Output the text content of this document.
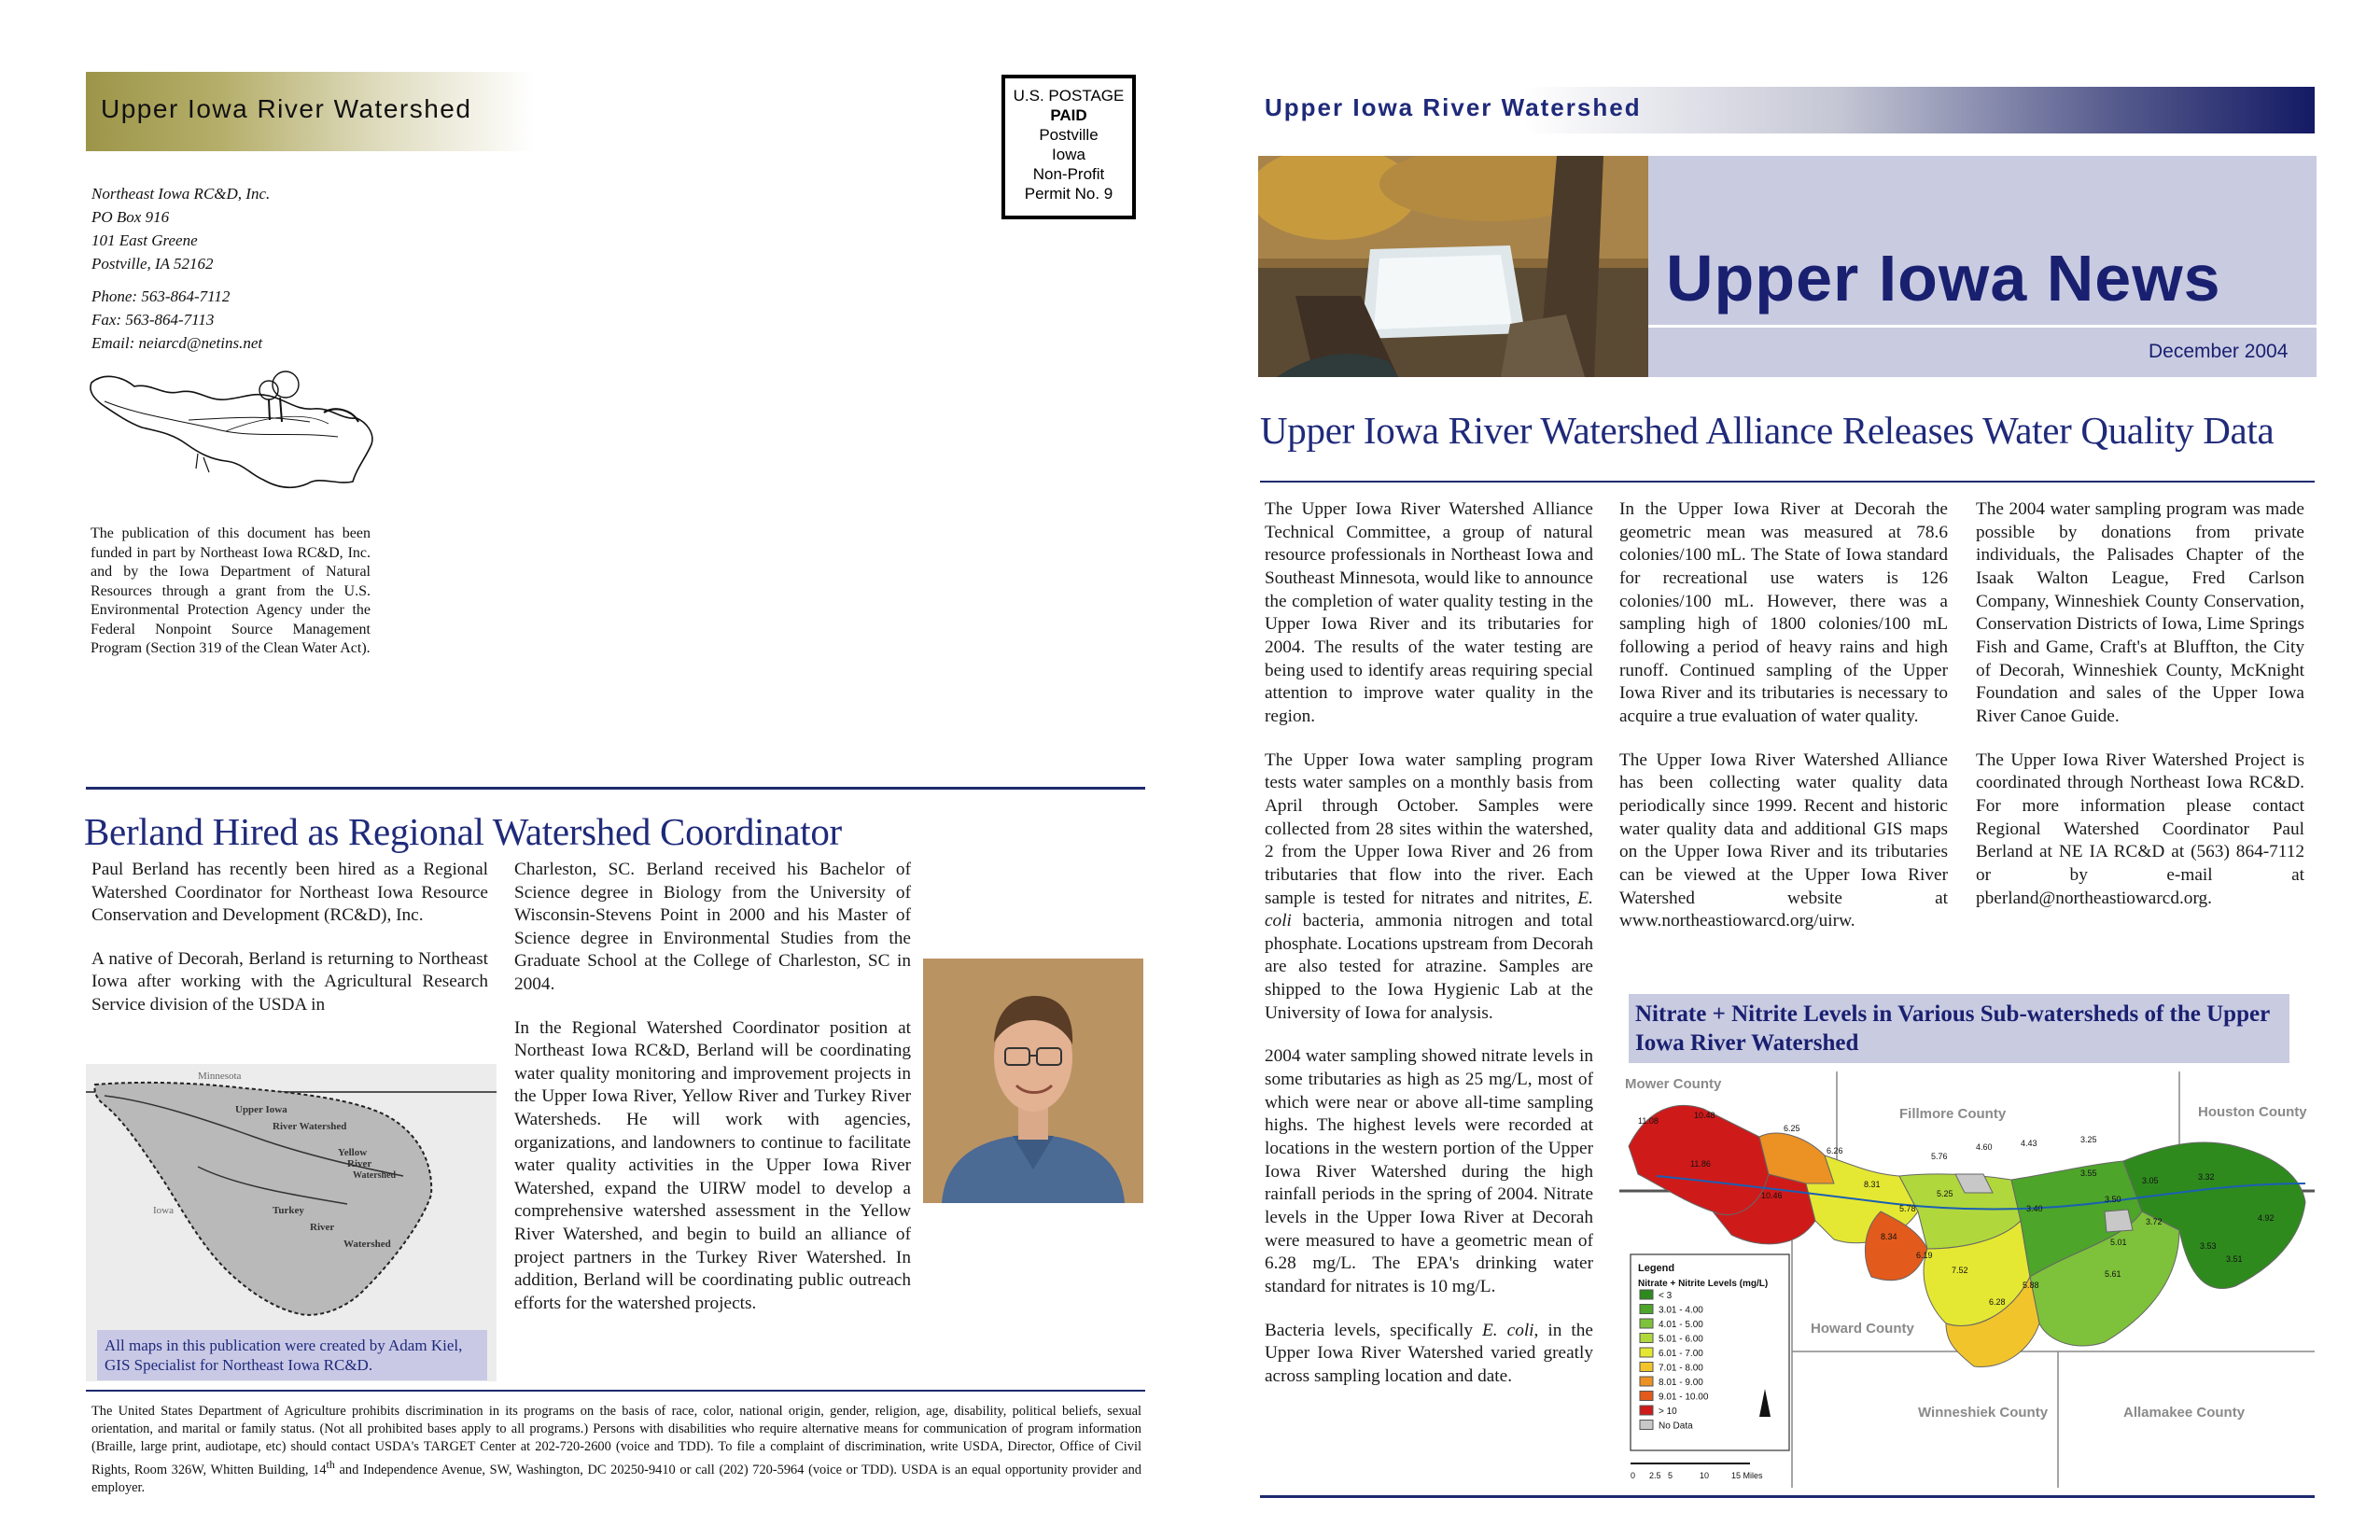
Upper Iowa River Watershed	U.S. POSTAGE
PAID
Postville
Iowa
Non-Profit
Permit No. 9
Northeast Iowa RC&D, Inc.
PO Box 916
101 East Greene
Postville, IA 52162
Phone: 563-864-7112
Fax: 563-864-7113
Email: neiarcd@netins.net
The publication of this document has been funded in part by Northeast Iowa RC&D, Inc. and by the Iowa Department of Natural Resources through a grant from the U.S. Environmental Protection Agency under the Federal Nonpoint Source Management Program (Section 319 of the Clean Water Act).
Berland Hired as Regional Watershed Coordinator

Paul Berland has recently been hired as a Regional Watershed Coordinator for Northeast Iowa Resource Conservation and Development (RC&D), Inc.

A native of Decorah, Berland is returning to Northeast Iowa after working with the Agricultural Research Service division of the USDA in

Charleston, SC. Berland received his Bachelor of Science degree in Biology from the University of Wisconsin-Stevens Point in 2000 and his Master of Science degree in Environmental Studies from the Graduate School at the College of Charleston, SC in 2004.

In the Regional Watershed Coordinator position at Northeast Iowa RC&D, Berland will be coordinating water quality monitoring and improvement projects in the Upper Iowa River, Yellow River and Turkey River Watersheds. He will work with agencies, organizations, and landowners to continue to facilitate water quality activities in the Upper Iowa River Watershed, expand the UIRW model to develop a comprehensive watershed assessment in the Yellow River Watershed, and begin to build an alliance of project partners in the Turkey River Watershed. In addition, Berland will be coordinating public outreach efforts for the watershed projects.

Minnesota
Iowa
Upper Iowa
River Watershed
Yellow
River
Watershed
Turkey
River
Watershed
All maps in this publication were created by Adam Kiel, GIS Specialist for Northeast Iowa RC&D.
The United States Department of Agriculture prohibits discrimination in its programs on the basis of race, color, national origin, gender, religion, age, disability, political beliefs, sexual orientation, and marital or family status. (Not all prohibited bases apply to all programs.) Persons with disabilities who require alternative means for communication of program information (Braille, large print, audiotape, etc) should contact USDA's TARGET Center at 202-720-2600 (voice and TDD). To file a complaint of discrimination, write USDA, Director, Office of Civil Rights, Room 326W, Whitten Building, 14th and Independence Avenue, SW, Washington, DC 20250-9410 or call (202) 720-5964 (voice or TDD). USDA is an equal opportunity provider and employer.
Upper Iowa River Watershed
Upper Iowa News
December 2004
Upper Iowa River Watershed Alliance Releases Water Quality Data

The Upper Iowa River Watershed Alliance Technical Committee, a group of natural resource professionals in Northeast Iowa and Southeast Minnesota, would like to announce the completion of water quality testing in the Upper Iowa River and its tributaries for 2004. The results of the water testing are being used to identify areas requiring special attention to improve water quality in the region.

The Upper Iowa water sampling program tests water samples on a monthly basis from April through October. Samples were collected from 28 sites within the watershed, 2 from the Upper Iowa River and 26 from tributaries that flow into the river. Each sample is tested for nitrates and nitrites, E. coli bacteria, ammonia nitrogen and total phosphate. Locations upstream from Decorah are also tested for atrazine. Samples are shipped to the Iowa Hygienic Lab at the University of Iowa for analysis.

2004 water sampling showed nitrate levels in some tributaries as high as 25 mg/L, most of which were near or above all-time sampling highs. The highest levels were recorded at locations in the western portion of the Upper Iowa River Watershed during the high rainfall periods in the spring of 2004. Nitrate levels in the Upper Iowa River at Decorah were measured to have a geometric mean of 6.28 mg/L. The EPA's drinking water standard for nitrates is 10 mg/L.

Bacteria levels, specifically E. coli, in the Upper Iowa River Watershed varied greatly across sampling location and date.

In the Upper Iowa River at Decorah the geometric mean was measured at 78.6 colonies/100 mL. The State of Iowa standard for recreational use waters is 126 colonies/100 mL. However, there was a sampling high of 1800 colonies/100 mL following a period of heavy rains and high runoff. Continued sampling of the Upper Iowa River and its tributaries is necessary to acquire a true evaluation of water quality.

The Upper Iowa River Watershed Alliance has been collecting water quality data periodically since 1999. Recent and historic water quality data and additional GIS maps on the Upper Iowa River and its tributaries can be viewed at the Upper Iowa River Watershed website at www.northeastiowarcd.org/uirw.

The 2004 water sampling program was made possible by donations from private individuals, the Palisades Chapter of the Isaak Walton League, Fred Carlson Company, Winneshiek County Conservation, Conservation Districts of Iowa, Lime Springs Fish and Game, Craft's at Bluffton, the City of Decorah, Winneshiek County, McKnight Foundation and sales of the Upper Iowa River Canoe Guide.

The Upper Iowa River Watershed Project is coordinated through Northeast Iowa RC&D. For more information please contact Regional Watershed Coordinator Paul Berland at NE IA RC&D at (563) 864-7112 or by e-mail at pberland@northeastiowarcd.org.

Nitrate + Nitrite Levels in Various Sub-watersheds of the Upper Iowa River Watershed
Mower County
Fillmore County	Houston County
Howard County
Winneshiek County	Allamakee County
11.08
10.48
6.25
11.86
10.46
6.26
8.31
8.34
5.76
4.60	4.43	3.25
5.25
3.40
3.55
3.05	3.32
3.50
5.01
5.78
6.19
7.52
5.88
6.28
5.61
3.53
3.51
3.72	4.92
Legend
Nitrate + Nitrite Levels (mg/L)
< 3
3.01 - 4.00
4.01 - 5.00
5.01 - 6.00
6.01 - 7.00
7.01 - 8.00
8.01 - 9.00
9.01 - 10.00
> 10
No Data
0 2.5 5	10	15 Miles
